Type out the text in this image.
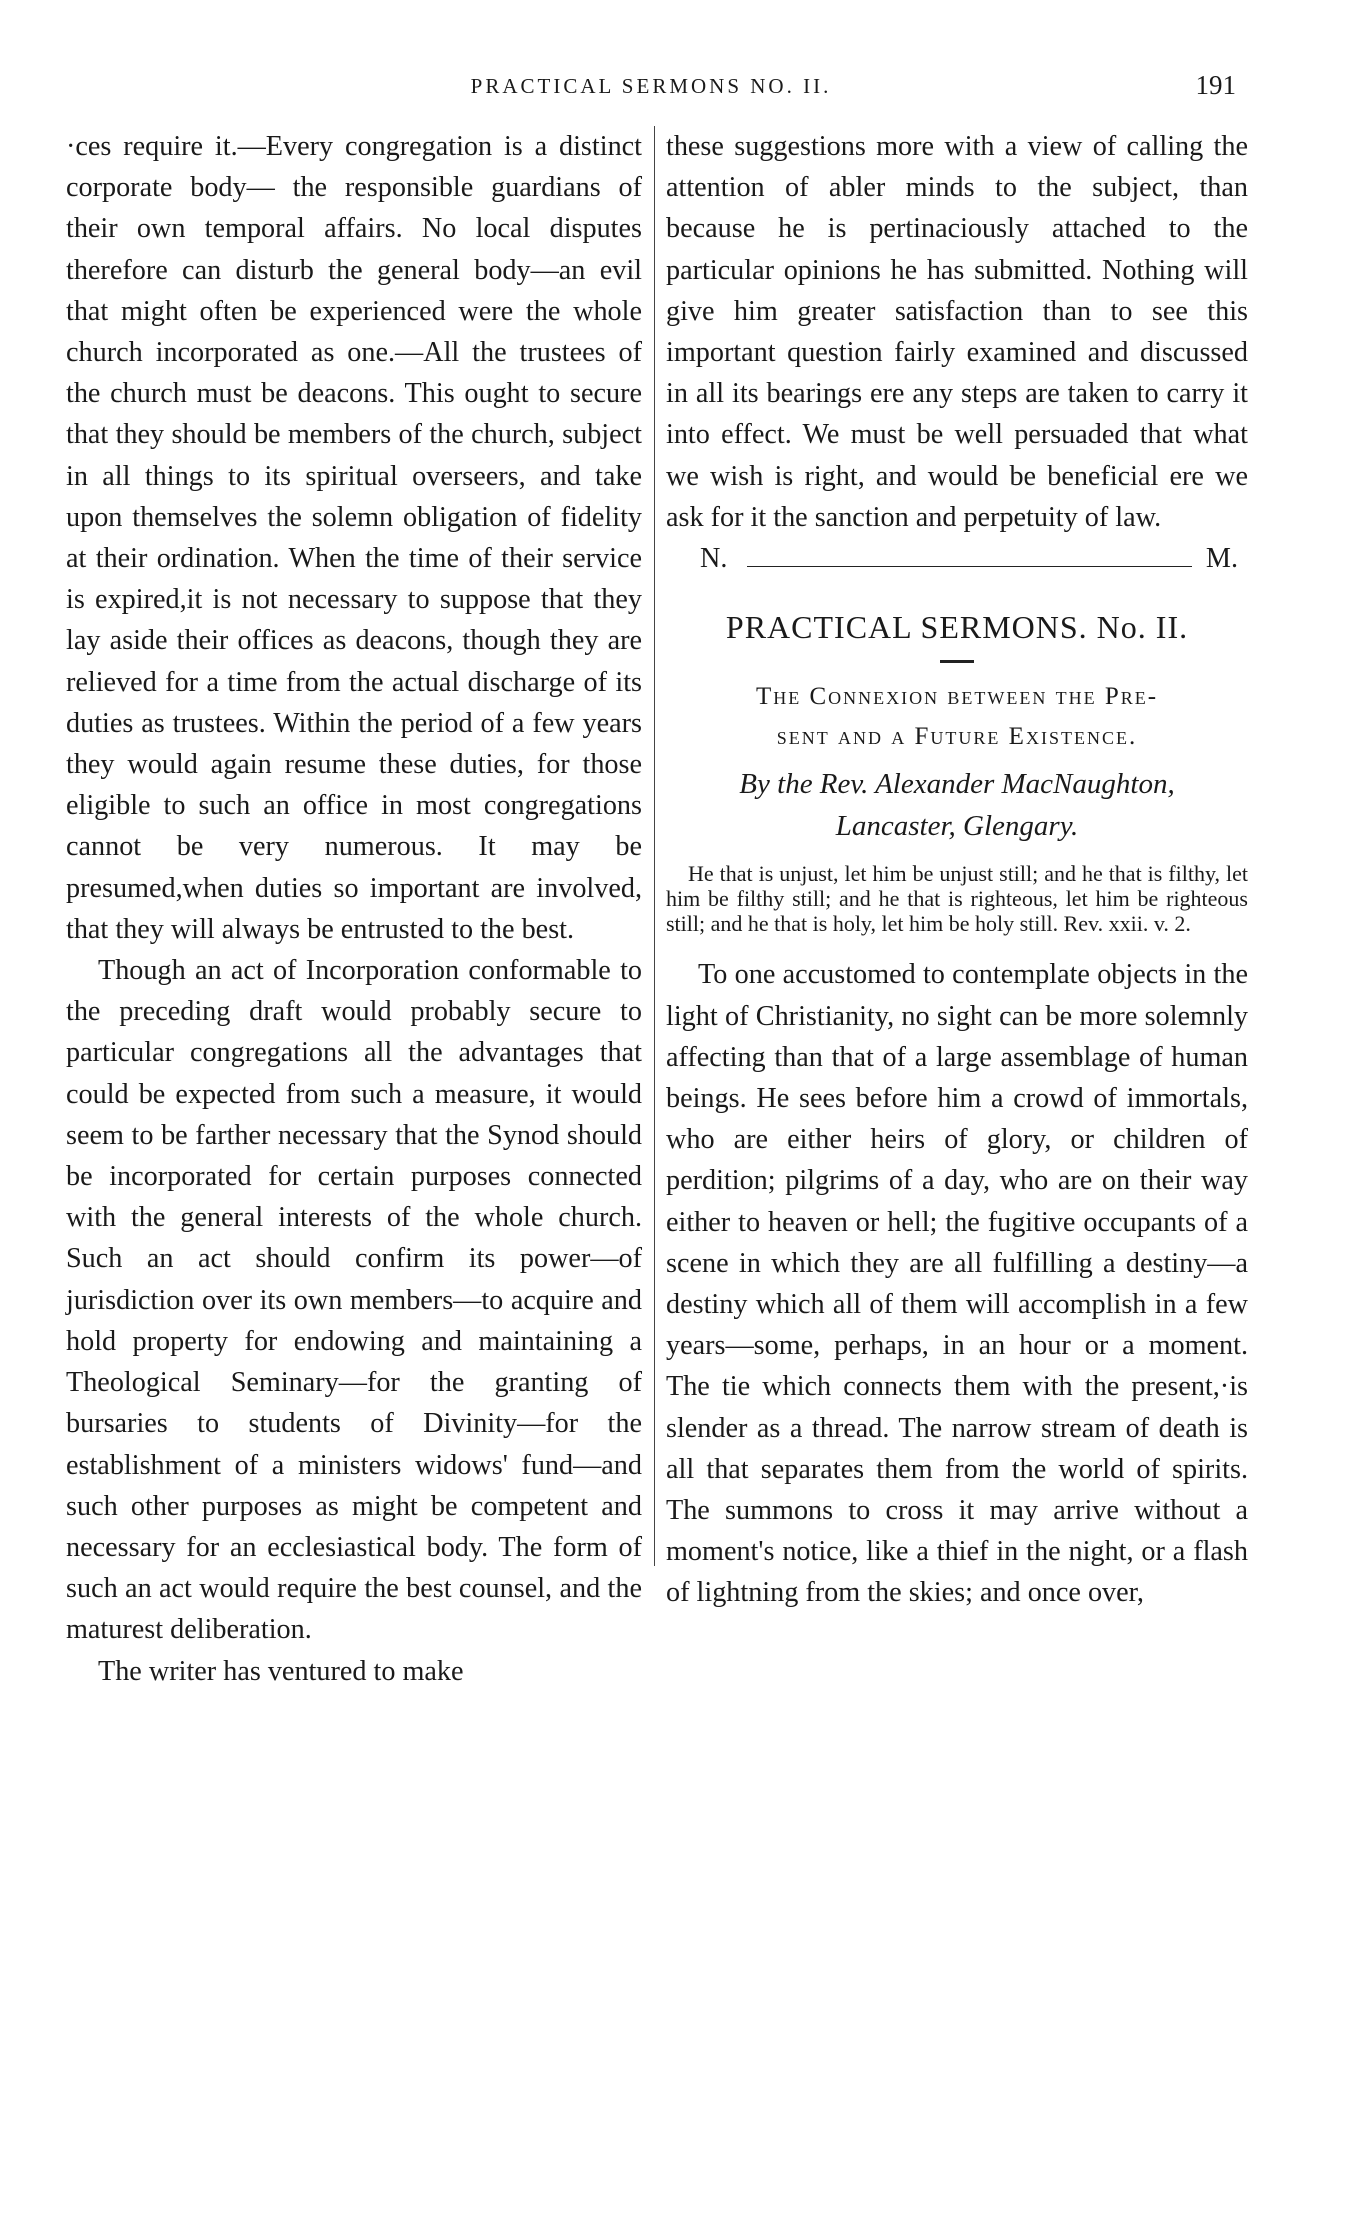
PRACTICAL SERMONS NO. II.	191

·ces require it.—Every congregation is a distinct corporate body— the responsible guardians of their own temporal affairs. No local disputes therefore can disturb the general body—an evil that might often be experienced were the whole church incorporated as one.—All the trustees of the church must be deacons. This ought to secure that they should be members of the church, subject in all things to its spiritual overseers, and take upon themselves the solemn obligation of fidelity at their ordination. When the time of their service is expired,it is not necessary to suppose that they lay aside their offices as deacons, though they are relieved for a time from the actual discharge of its duties as trustees. Within the period of a few years they would again resume these duties, for those eligible to such an office in most congregations cannot be very numerous. It may be presumed,when duties so important are involved, that they will always be entrusted to the best.

Though an act of Incorporation conformable to the preceding draft would probably secure to particular congregations all the advantages that could be expected from such a measure, it would seem to be farther necessary that the Synod should be incorporated for certain purposes connected with the general interests of the whole church. Such an act should confirm its power—of jurisdiction over its own members—to acquire and hold property for endowing and maintaining a Theological Seminary—for the granting of bursaries to students of Divinity—for the establishment of a ministers widows' fund—and such other purposes as might be competent and necessary for an ecclesiastical body. The form of such an act would require the best counsel, and the maturest deliberation.

The writer has ventured to make

these suggestions more with a view of calling the attention of abler minds to the subject, than because he is pertinaciously attached to the particular opinions he has submitted. Nothing will give him greater satisfaction than to see this important question fairly examined and discussed in all its bearings ere any steps are taken to carry it into effect. We must be well persuaded that what we wish is right, and would be beneficial ere we ask for it the sanction and perpetuity of law.

N.	M.
PRACTICAL SERMONS. No. II.

The Connexion between the Pre-

sent and a Future Existence.

By the Rev. Alexander MacNaughton,
Lancaster, Glengary.

He that is unjust, let him be unjust still; and he that is filthy, let him be filthy still; and he that is righteous, let him be righteous still; and he that is holy, let him be holy still. Rev. xxii. v. 2.

To one accustomed to contemplate objects in the light of Christianity, no sight can be more solemnly affecting than that of a large assemblage of human beings. He sees before him a crowd of immortals, who are either heirs of glory, or children of perdition; pilgrims of a day, who are on their way either to heaven or hell; the fugitive occupants of a scene in which they are all fulfilling a destiny—a destiny which all of them will accomplish in a few years—some, perhaps, in an hour or a moment. The tie which connects them with the present,·is slender as a thread. The narrow stream of death is all that separates them from the world of spirits. The summons to cross it may arrive without a moment's notice, like a thief in the night, or a flash of lightning from the skies; and once over,
